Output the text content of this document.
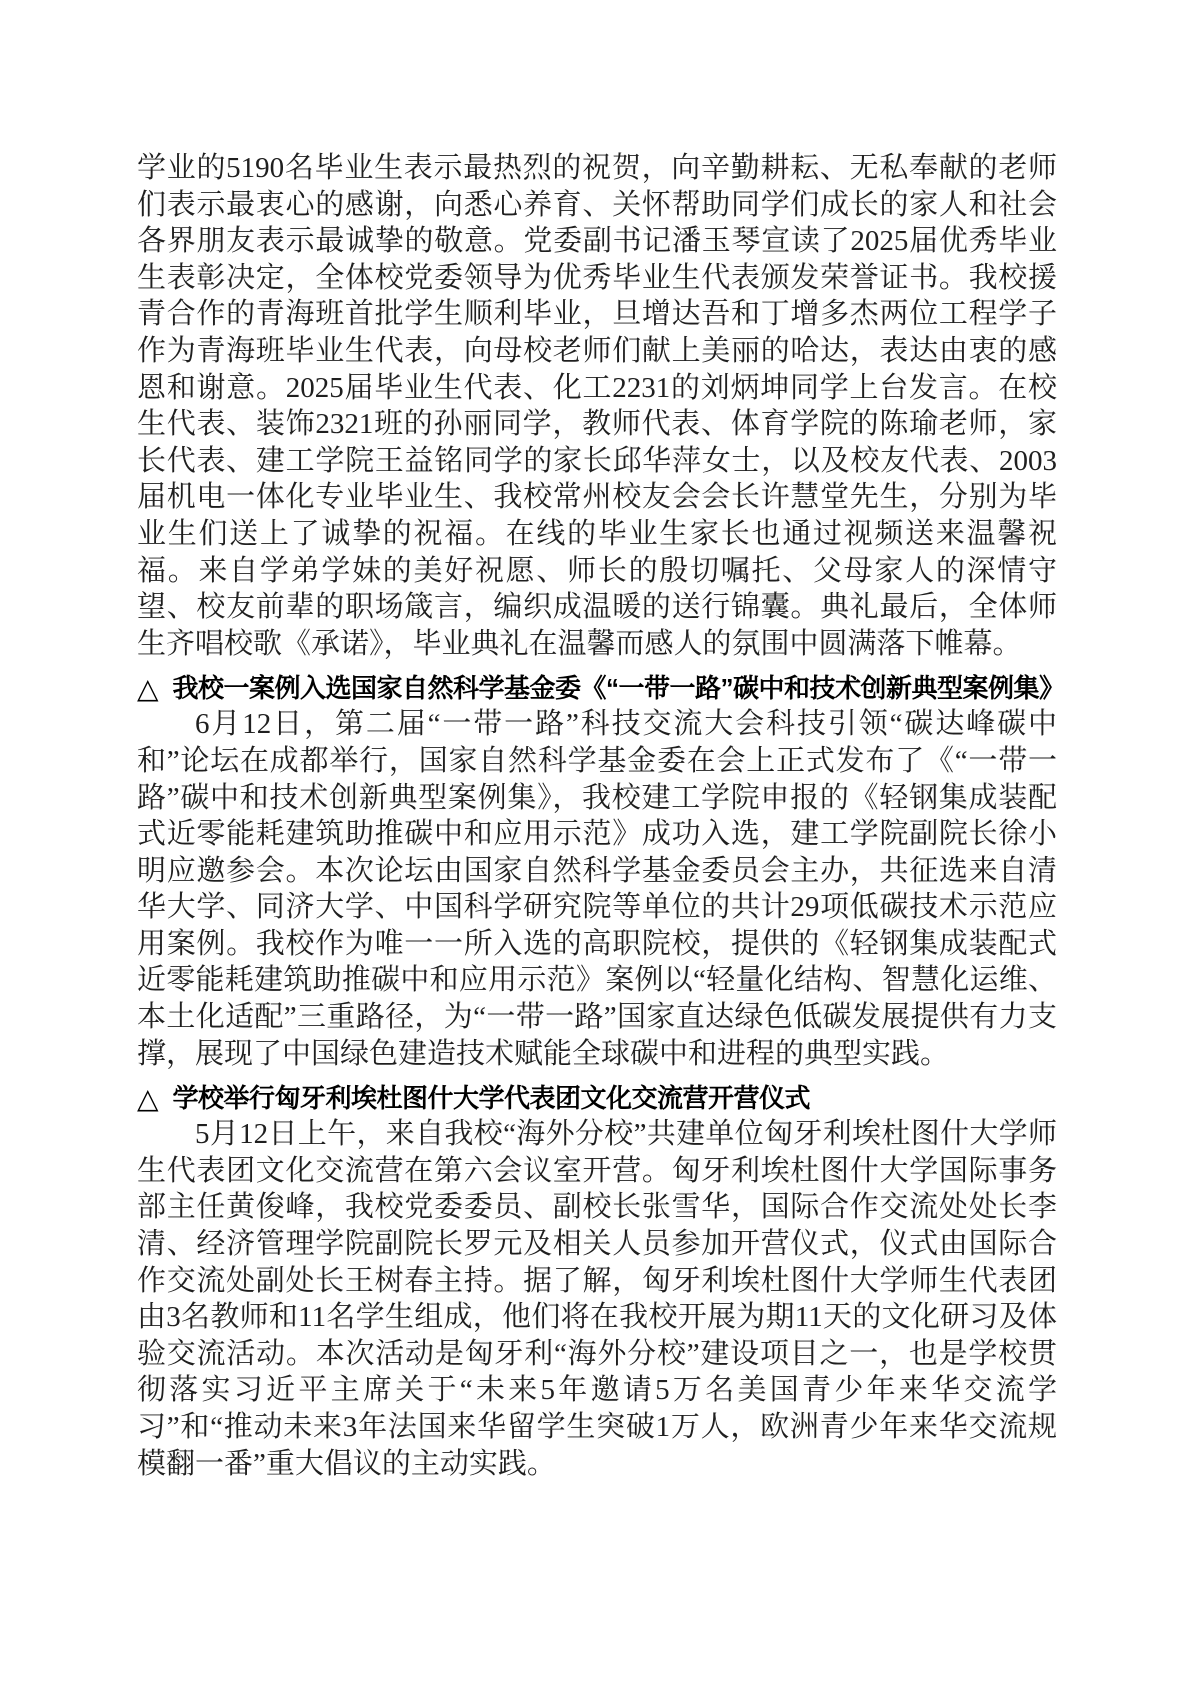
学业的5190名毕业生表示最热烈的祝贺，向辛勤耕耘、无私奉献的老师们表示最衷心的感谢，向悉心养育、关怀帮助同学们成长的家人和社会各界朋友表示最诚挚的敬意。党委副书记潘玉琴宣读了2025届优秀毕业生表彰决定，全体校党委领导为优秀毕业生代表颁发荣誉证书。我校援青合作的青海班首批学生顺利毕业，旦增达吾和丁增多杰两位工程学子作为青海班毕业生代表，向母校老师们献上美丽的哈达，表达由衷的感恩和谢意。2025届毕业生代表、化工2231的刘炳坤同学上台发言。在校生代表、装饰2321班的孙丽同学，教师代表、体育学院的陈瑜老师，家长代表、建工学院王益铭同学的家长邱华萍女士，以及校友代表、2003届机电一体化专业毕业生、我校常州校友会会长许慧堂先生，分别为毕业生们送上了诚挚的祝福。在线的毕业生家长也通过视频送来温馨祝福。来自学弟学妹的美好祝愿、师长的殷切嘱托、父母家人的深情守望、校友前辈的职场箴言，编织成温暖的送行锦囊。典礼最后，全体师生齐唱校歌《承诺》，毕业典礼在温馨而感人的氛围中圆满落下帷幕。

△ 我校一案例入选国家自然科学基金委《“一带一路”碳中和技术创新典型案例集》

6月12日，第二届“一带一路”科技交流大会科技引领“碳达峰碳中和”论坛在成都举行，国家自然科学基金委在会上正式发布了《“一带一路”碳中和技术创新典型案例集》，我校建工学院申报的《轻钢集成装配式近零能耗建筑助推碳中和应用示范》成功入选，建工学院副院长徐小明应邀参会。本次论坛由国家自然科学基金委员会主办，共征选来自清华大学、同济大学、中国科学研究院等单位的共计29项低碳技术示范应用案例。我校作为唯一一所入选的高职院校，提供的《轻钢集成装配式近零能耗建筑助推碳中和应用示范》案例以“轻量化结构、智慧化运维、本土化适配”三重路径，为“一带一路”国家直达绿色低碳发展提供有力支撑，展现了中国绿色建造技术赋能全球碳中和进程的典型实践。

△ 学校举行匈牙利埃杜图什大学代表团文化交流营开营仪式

5月12日上午，来自我校“海外分校”共建单位匈牙利埃杜图什大学师生代表团文化交流营在第六会议室开营。匈牙利埃杜图什大学国际事务部主任黄俊峰，我校党委委员、副校长张雪华，国际合作交流处处长李清、经济管理学院副院长罗元及相关人员参加开营仪式，仪式由国际合作交流处副处长王树春主持。据了解，匈牙利埃杜图什大学师生代表团由3名教师和11名学生组成，他们将在我校开展为期11天的文化研习及体验交流活动。本次活动是匈牙利“海外分校”建设项目之一，也是学校贯彻落实习近平主席关于“未来5年邀请5万名美国青少年来华交流学习”和“推动未来3年法国来华留学生突破1万人，欧洲青少年来华交流规模翻一番”重大倡议的主动实践。
